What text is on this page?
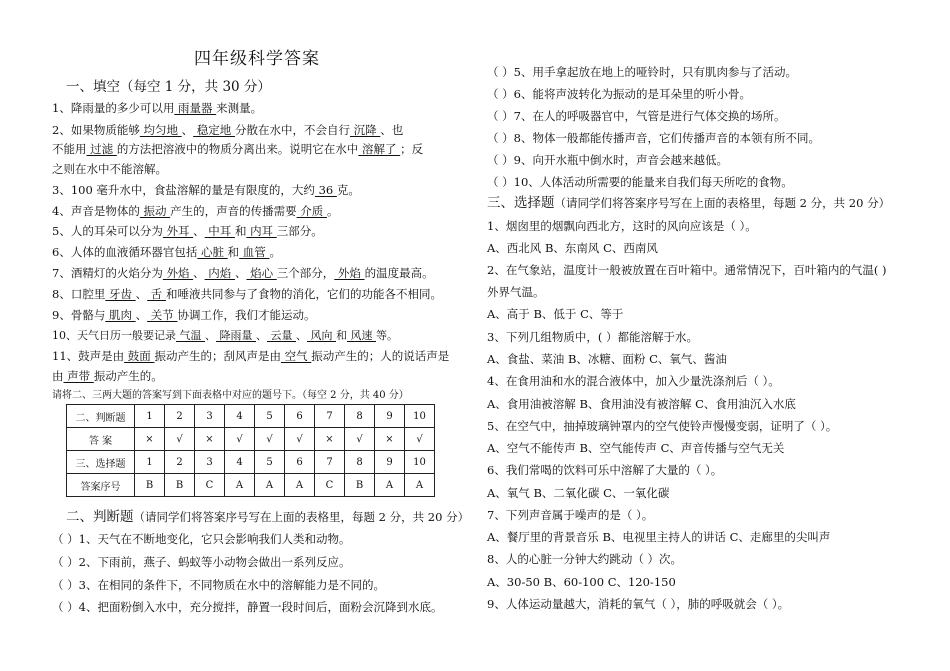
四年级科学答案
一、填空（每空 1 分，共 30 分）
1、降雨量的多少可以用 雨量器 来测量。
2、如果物质能够 均匀地 、 稳定地 分散在水中，不会自行 沉降 、也
不能用 过滤 的方法把溶液中的物质分离出来。说明它在水中 溶解了 ；反
之则在水中不能溶解。
3、100 毫升水中，食盐溶解的量是有限度的，大约 36 克。
4、声音是物体的 振动 产生的，声音的传播需要 介质 。
5、人的耳朵可以分为 外耳 、 中耳 和 内耳 三部分。
6、人体的血液循环器官包括 心脏 和 血管 。
7、酒精灯的火焰分为 外焰 、 内焰 、 焰心 三个部分， 外焰 的温度最高。
8、口腔里 牙齿 、 舌 和唾液共同参与了食物的消化，它们的功能各不相同。
9、骨骼与 肌肉 、 关节 协调工作，我们才能运动。
10、天气日历一般要记录 气温 、 降雨量 、 云量 、 风向 和 风速 等。
11、鼓声是由 鼓面 振动产生的；刮风声是由 空气 振动产生的；人的说话声是
由 声带 振动产生的。
请将二、三两大题的答案写到下面表格中对应的题号下。（每空 2 分，共 40 分）
二、判断题	1	2	3	4	5	6	7	8	9	10
答 案	×	√	×	√	√	√	×	√	×	√
三、选择题	1	2	3	4	5	6	7	8	9	10
答案序号	B	B	C	A	A	A	C	B	A	A
二、判断题（请同学们将答案序号写在上面的表格里，每题 2 分，共 20 分）
（ ）1、天气在不断地变化，它只会影响我们人类和动物。
（ ）2、下雨前，燕子、蚂蚁等小动物会做出一系列反应。
（ ）3、在相同的条件下，不同物质在水中的溶解能力是不同的。
（ ）4、把面粉倒入水中，充分搅拌，静置一段时间后，面粉会沉降到水底。
（ ）5、用手拿起放在地上的哑铃时，只有肌肉参与了活动。
（ ）6、能将声波转化为振动的是耳朵里的听小骨。
（ ）7、在人的呼吸器官中，气管是进行气体交换的场所。
（ ）8、物体一般都能传播声音，它们传播声音的本领有所不同。
（ ）9、向开水瓶中倒水时，声音会越来越低。
（ ）10、人体活动所需要的能量来自我们每天所吃的食物。
三、选择题（请同学们将答案序号写在上面的表格里，每题 2 分，共 20 分）
1、烟囱里的烟飘向西北方，这时的风向应该是（ ）。
A、西北风 B、东南风 C、西南风
2、在气象站，温度计一般被放置在百叶箱中。通常情况下，百叶箱内的气温( )
外界气温。
A、高于 B、低于 C、等于
3、下列几组物质中，( ）都能溶解于水。
A、食盐、菜油 B、冰糖、面粉 C、氧气、酱油
4、在食用油和水的混合液体中，加入少量洗涤剂后（ ）。
A、食用油被溶解 B、食用油没有被溶解 C、食用油沉入水底
5、在空气中，抽掉玻璃钟罩内的空气使铃声慢慢变弱，证明了（ ）。
A、空气不能传声 B、空气能传声 C、声音传播与空气无关
6、我们常喝的饮料可乐中溶解了大量的（ ）。
A、氧气 B、二氧化碳 C、一氧化碳
7、下列声音属于噪声的是（ ）。
A、餐厅里的背景音乐 B、电视里主持人的讲话 C、走廊里的尖叫声
8、人的心脏一分钟大约跳动（ ）次。
A、30-50 B、60-100 C、120-150
9、人体运动量越大，消耗的氧气（ ），肺的呼吸就会（ ）。
